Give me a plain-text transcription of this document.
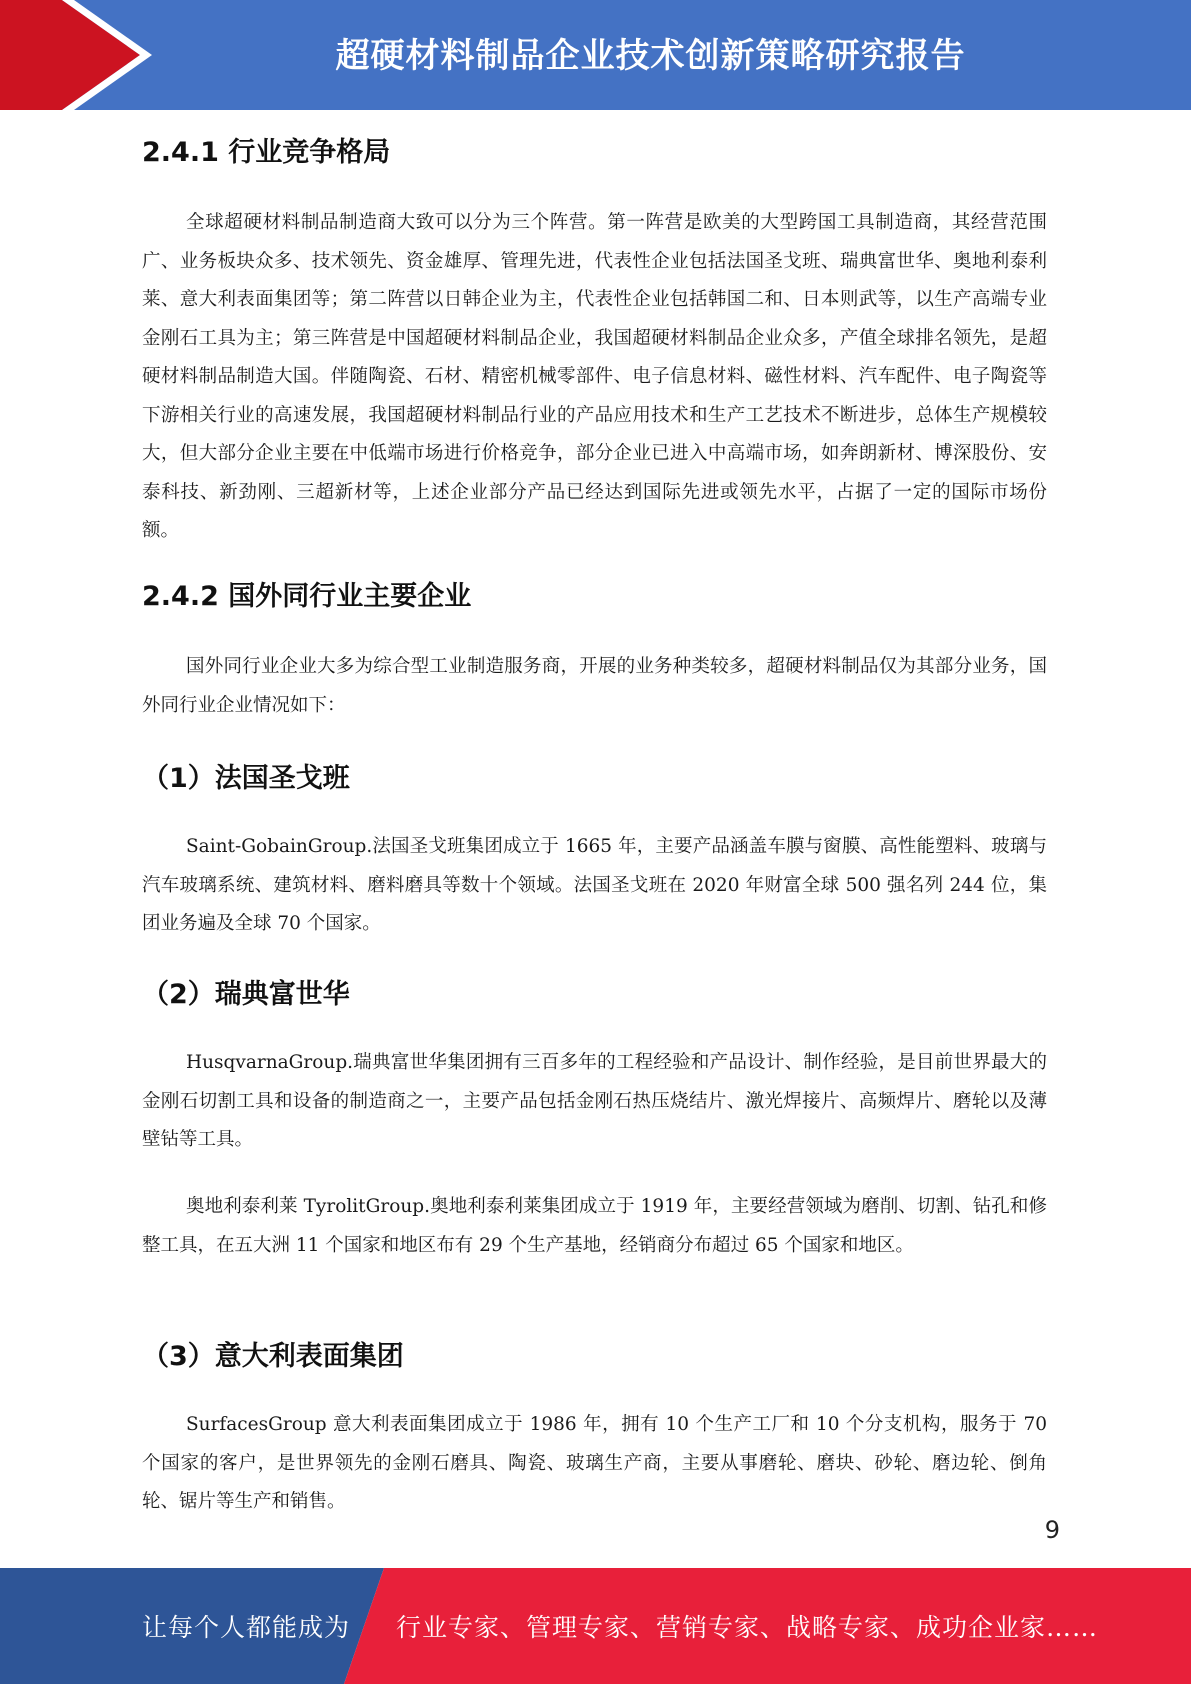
超硬材料制品企业技术创新策略研究报告
2.4.1 行业竞争格局

全球超硬材料制品制造商大致可以分为三个阵营。第一阵营是欧美的大型跨国工具制造商，其经营范围广、业务板块众多、技术领先、资金雄厚、管理先进，代表性企业包括法国圣戈班、瑞典富世华、奥地利泰利莱、意大利表面集团等；第二阵营以日韩企业为主，代表性企业包括韩国二和、日本则武等，以生产高端专业金刚石工具为主；第三阵营是中国超硬材料制品企业，我国超硬材料制品企业众多，产值全球排名领先，是超硬材料制品制造大国。伴随陶瓷、石材、精密机械零部件、电子信息材料、磁性材料、汽车配件、电子陶瓷等下游相关行业的高速发展，我国超硬材料制品行业的产品应用技术和生产工艺技术不断进步，总体生产规模较大，但大部分企业主要在中低端市场进行价格竞争，部分企业已进入中高端市场，如奔朗新材、博深股份、安泰科技、新劲刚、三超新材等，上述企业部分产品已经达到国际先进或领先水平，占据了一定的国际市场份额。

2.4.2 国外同行业主要企业

国外同行业企业大多为综合型工业制造服务商，开展的业务种类较多，超硬材料制品仅为其部分业务，国外同行业企业情况如下：

（1）法国圣戈班

Saint-GobainGroup.法国圣戈班集团成立于 1665 年，主要产品涵盖车膜与窗膜、高性能塑料、玻璃与汽车玻璃系统、建筑材料、磨料磨具等数十个领域。法国圣戈班在 2020 年财富全球 500 强名列 244 位，集团业务遍及全球 70 个国家。

（2）瑞典富世华

HusqvarnaGroup.瑞典富世华集团拥有三百多年的工程经验和产品设计、制作经验，是目前世界最大的金刚石切割工具和设备的制造商之一，主要产品包括金刚石热压烧结片、激光焊接片、高频焊片、磨轮以及薄壁钻等工具。

奥地利泰利莱 TyrolitGroup.奥地利泰利莱集团成立于 1919 年，主要经营领域为磨削、切割、钻孔和修整工具，在五大洲 11 个国家和地区布有 29 个生产基地，经销商分布超过 65 个国家和地区。

（3）意大利表面集团

SurfacesGroup 意大利表面集团成立于 1986 年，拥有 10 个生产工厂和 10 个分支机构，服务于 70 个国家的客户，是世界领先的金刚石磨具、陶瓷、玻璃生产商，主要从事磨轮、磨块、砂轮、磨边轮、倒角轮、锯片等生产和销售。

9
让每个人都能成为 行业专家、管理专家、营销专家、战略专家、成功企业家……
